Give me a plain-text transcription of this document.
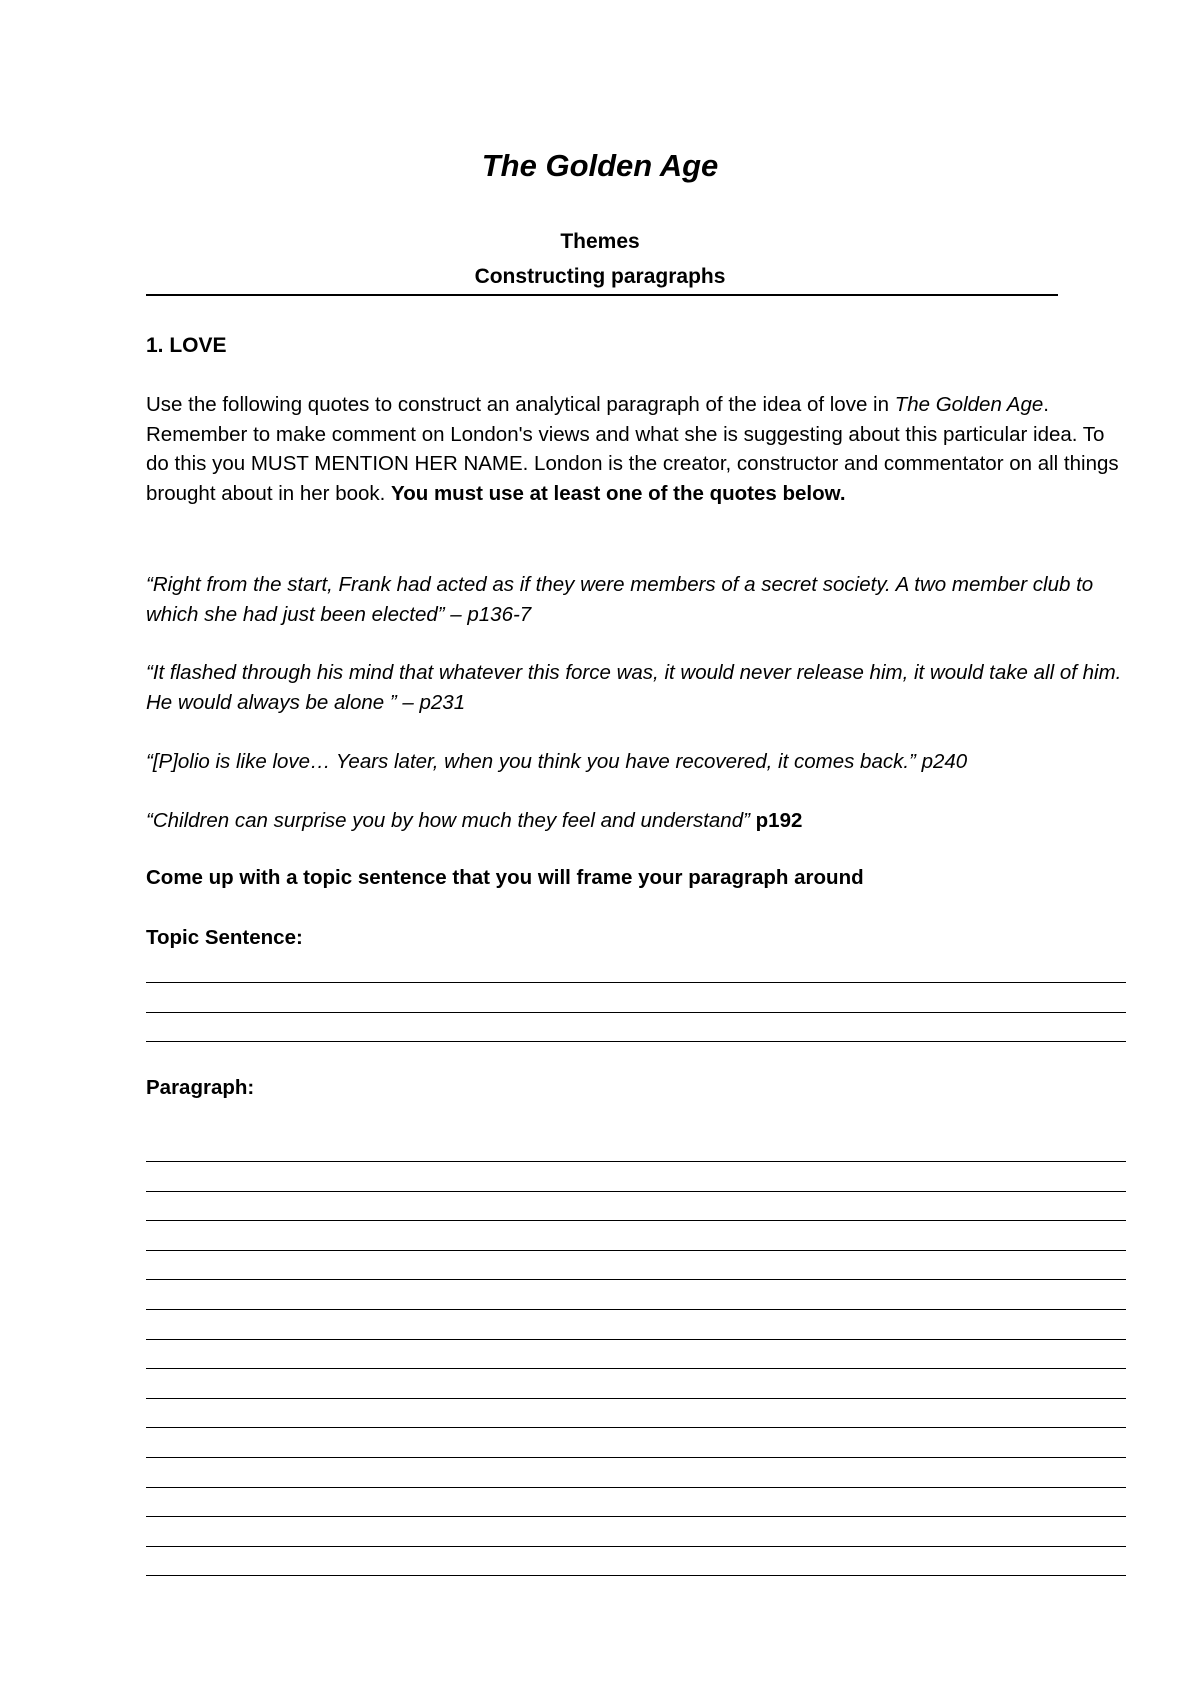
The Golden Age
Themes
Constructing paragraphs
1. LOVE
Use the following quotes to construct an analytical paragraph of the idea of love in The Golden Age. Remember to make comment on London's views and what she is suggesting about this particular idea. To do this you MUST MENTION HER NAME. London is the creator, constructor and commentator on all things brought about in her book. You must use at least one of the quotes below.
“Right from the start, Frank had acted as if they were members of a secret society. A two member club to which she had just been elected” – p136-7
“It flashed through his mind that whatever this force was, it would never release him, it would take all of him. He would always be alone ” – p231
“[P]olio is like love… Years later, when you think you have recovered, it comes back.” p240
“Children can surprise you by how much they feel and understand” p192
Come up with a topic sentence that you will frame your paragraph around
Topic Sentence:
Paragraph:
